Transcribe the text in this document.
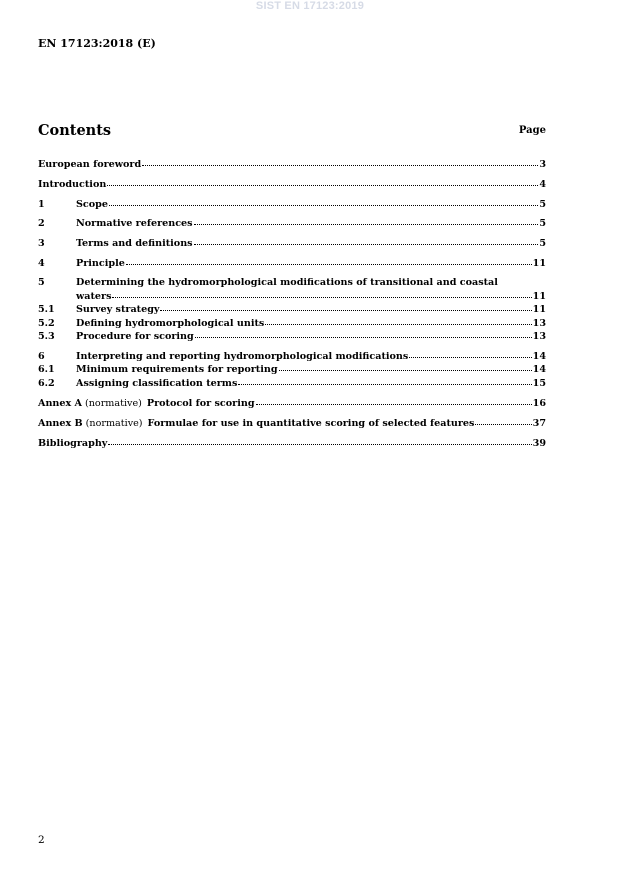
SIST EN 17123:2019
EN 17123:2018 (E)
Contents	Page
European foreword	3
Introduction	4
1	Scope	5
2	Normative references	5
3	Terms and definitions	5
4	Principle	11
5	Determining the hydromorphological modifications of transitional and coastal
waters	11
5.1	Survey strategy	11
5.2	Defining hydromorphological units	13
5.3	Procedure for scoring	13
6	Interpreting and reporting hydromorphological modifications	14
6.1	Minimum requirements for reporting	14
6.2	Assigning classification terms	15
Annex A (normative) Protocol for scoring	16
Annex B (normative) Formulae for use in quantitative scoring of selected features	37
Bibliography	39
2
